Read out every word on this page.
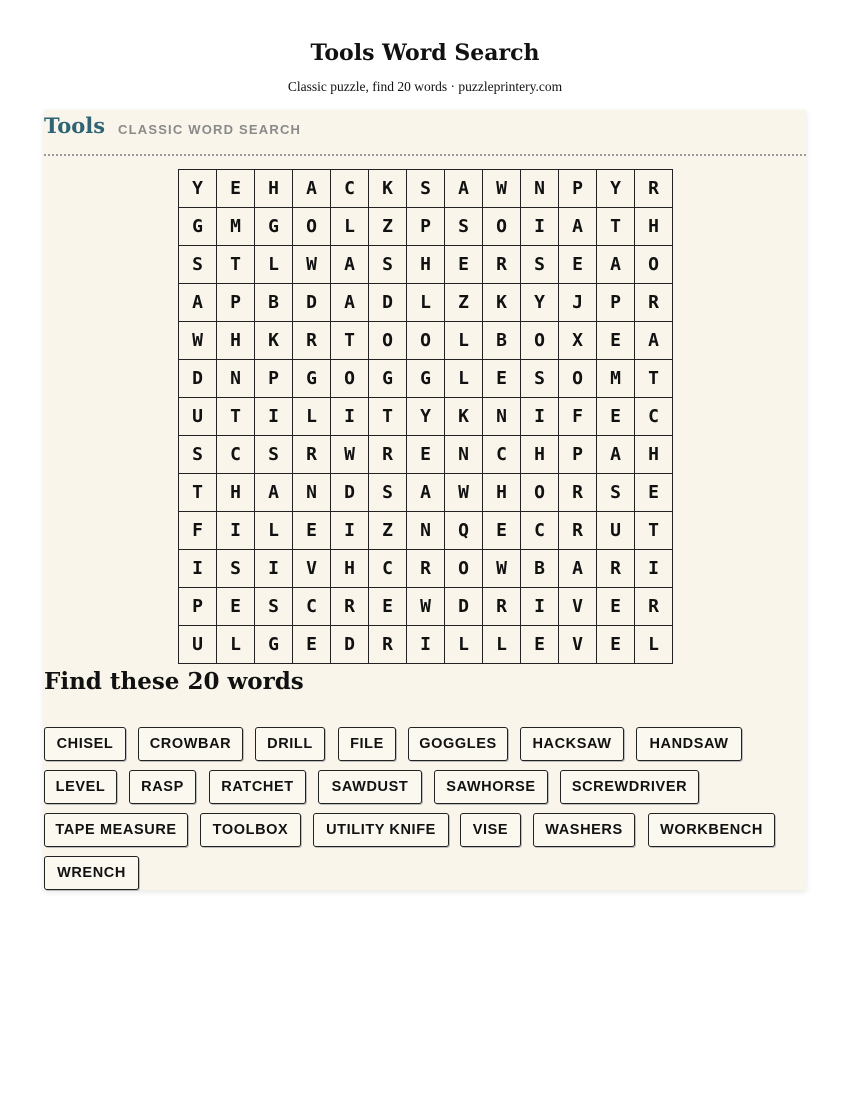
Tools Word Search
Classic puzzle, find 20 words · puzzleprintery.com
Tools CLASSIC WORD SEARCH
Y	E	H	A	C	K	S	A	W	N	P	Y	R
G	M	G	O	L	Z	P	S	O	I	A	T	H
S	T	L	W	A	S	H	E	R	S	E	A	O
A	P	B	D	A	D	L	Z	K	Y	J	P	R
W	H	K	R	T	O	O	L	B	O	X	E	A
D	N	P	G	O	G	G	L	E	S	O	M	T
U	T	I	L	I	T	Y	K	N	I	F	E	C
S	C	S	R	W	R	E	N	C	H	P	A	H
T	H	A	N	D	S	A	W	H	O	R	S	E
F	I	L	E	I	Z	N	Q	E	C	R	U	T
I	S	I	V	H	C	R	O	W	B	A	R	I
P	E	S	C	R	E	W	D	R	I	V	E	R
U	L	G	E	D	R	I	L	L	E	V	E	L
Find these 20 words
CHISEL	CROWBAR	DRILL	FILE	GOGGLES	HACKSAW	HANDSAW
LEVEL	RASP	RATCHET	SAWDUST	SAWHORSE	SCREWDRIVER
TAPE MEASURE	TOOLBOX	UTILITY KNIFE	VISE	WASHERS	WORKBENCH
WRENCH
